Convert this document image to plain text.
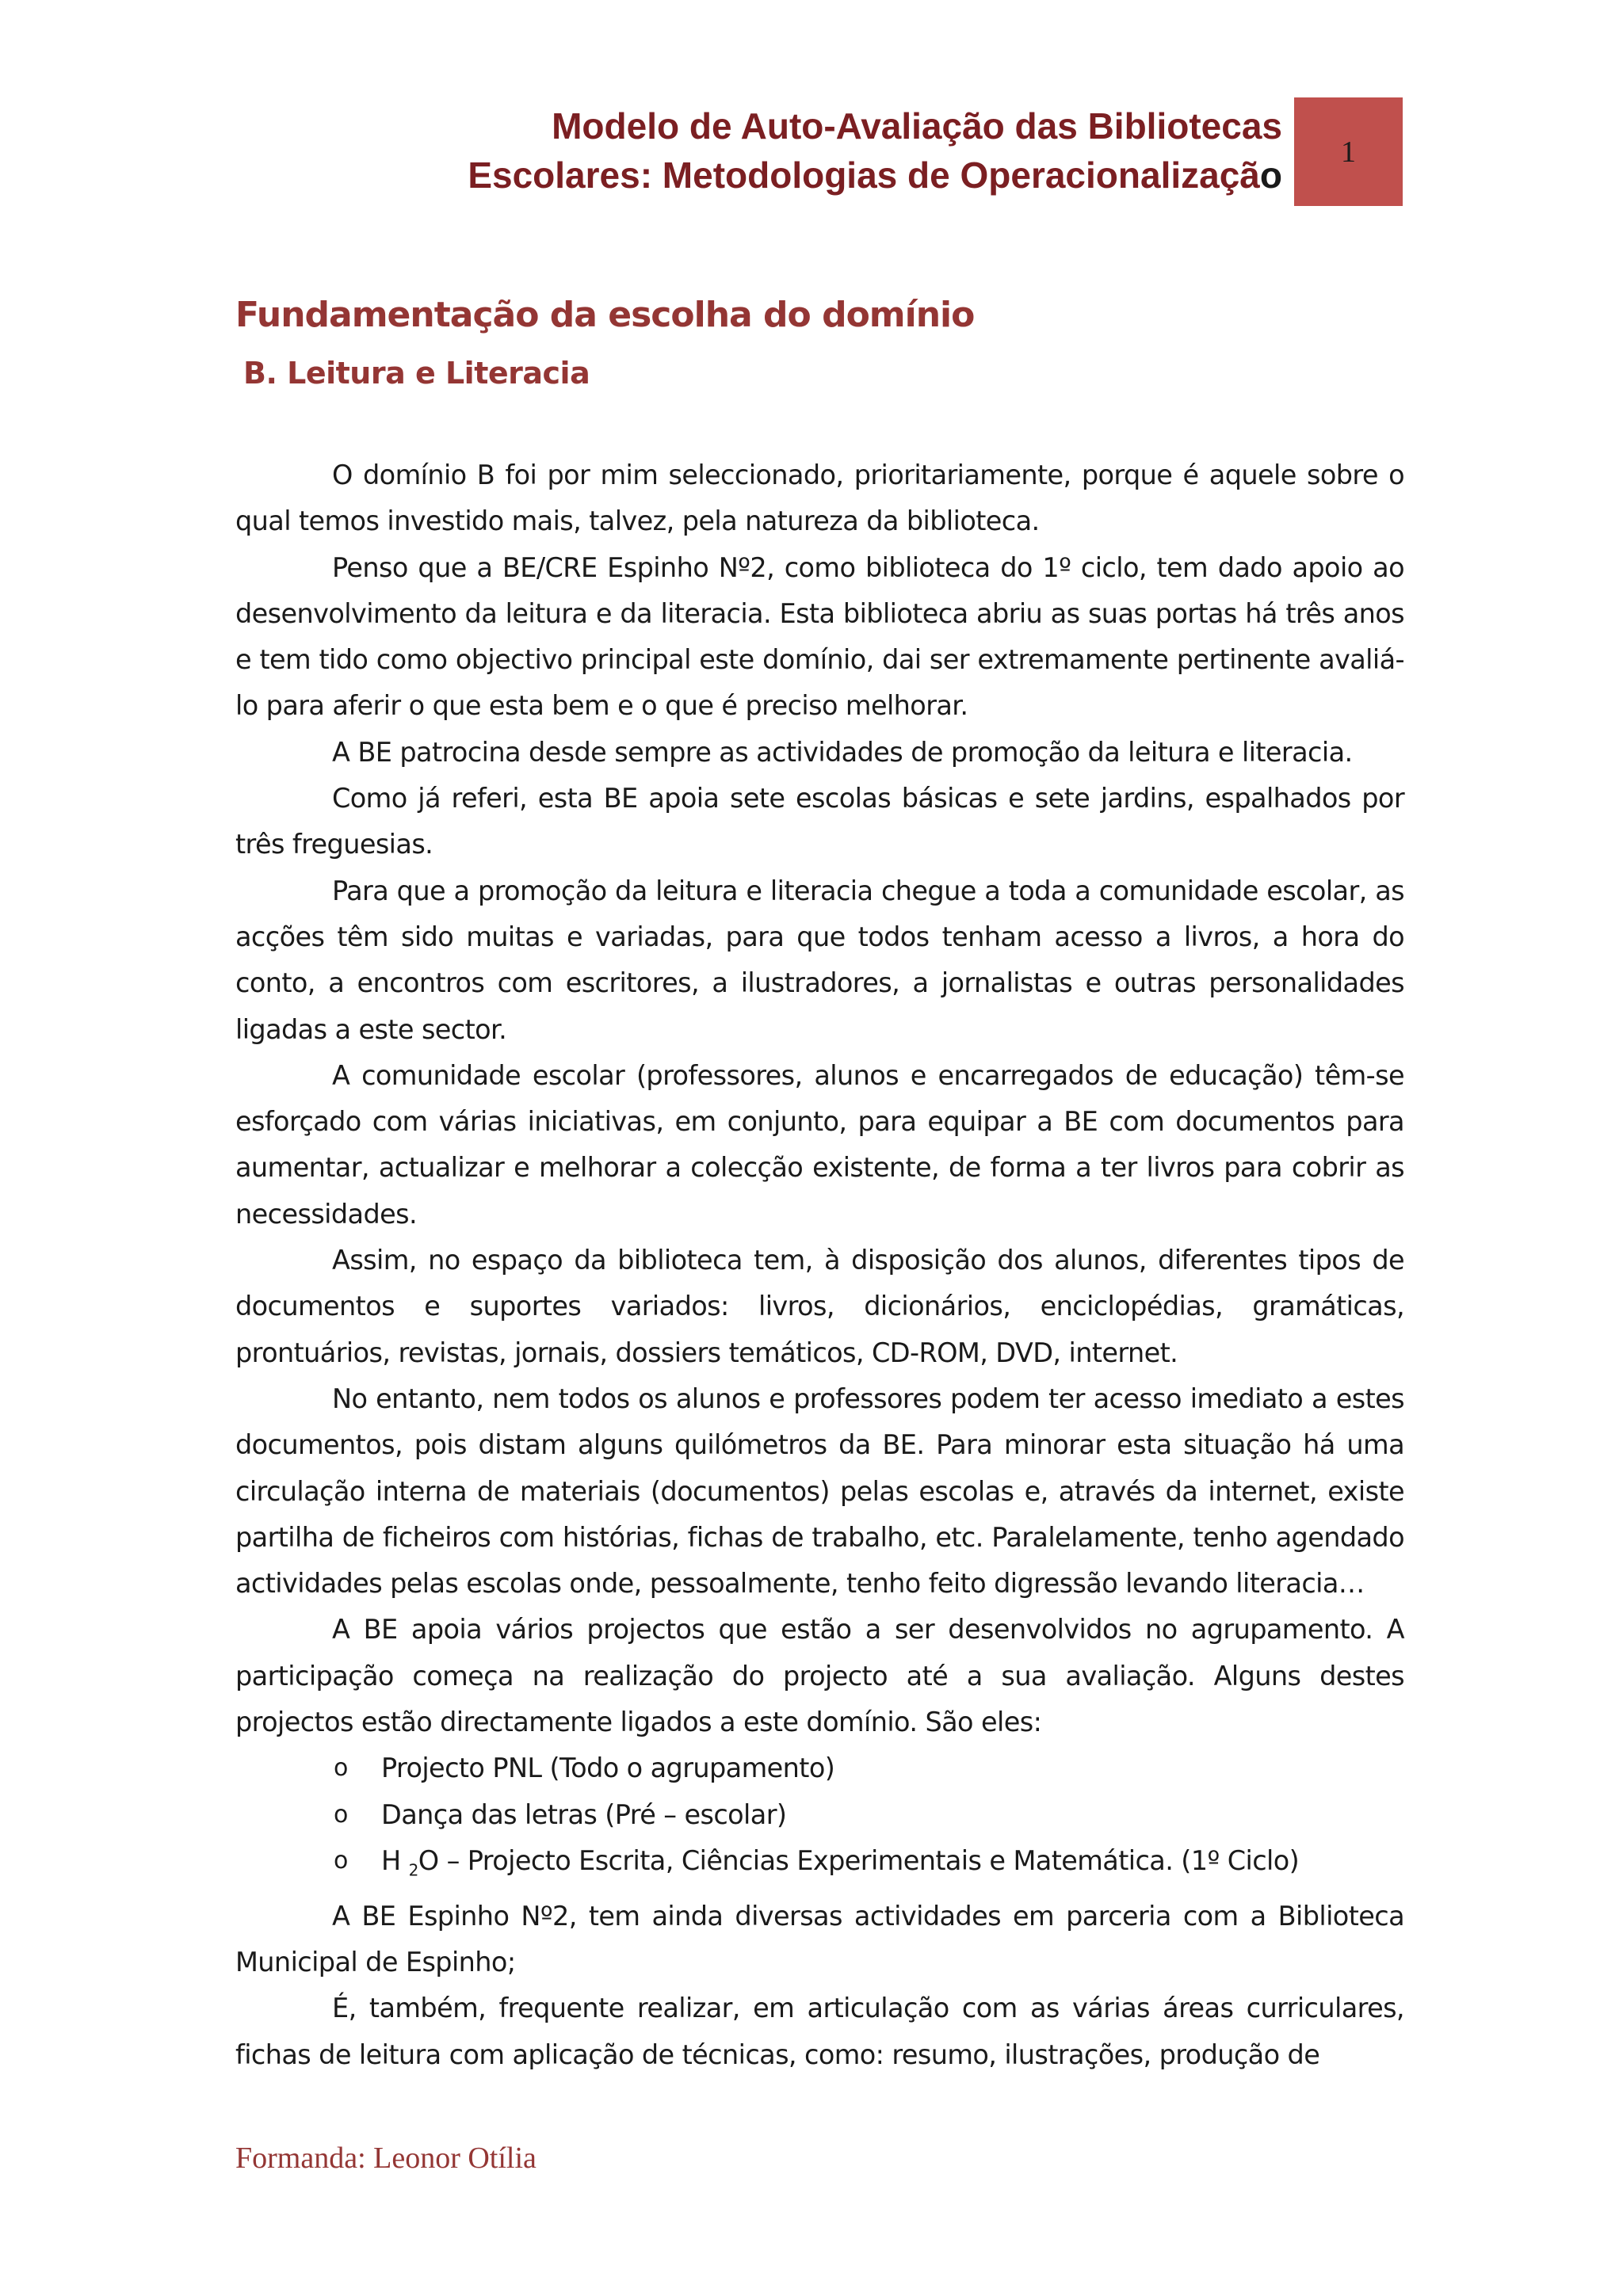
Modelo de Auto-Avaliação das Bibliotecas
Escolares: Metodologias de Operacionalização
1
Fundamentação da escolha do domínio
B. Leitura e Literacia

O domínio B foi por mim seleccionado, prioritariamente, porque é aquele sobre o qual temos investido mais, talvez, pela natureza da biblioteca.

Penso que a BE/CRE Espinho Nº2, como biblioteca do 1º ciclo, tem dado apoio ao desenvolvimento da leitura e da literacia. Esta biblioteca abriu as suas portas há três anos e tem tido como objectivo principal este domínio, dai ser extremamente pertinente avaliá-lo para aferir o que esta bem e o que é preciso melhorar.

A BE patrocina desde sempre as actividades de promoção da leitura e literacia.

Como já referi, esta BE apoia sete escolas básicas e sete jardins, espalhados por três freguesias.

Para que a promoção da leitura e literacia chegue a toda a comunidade escolar, as acções têm sido muitas e variadas, para que todos tenham acesso a livros, a hora do conto, a encontros com escritores, a ilustradores, a jornalistas e outras personalidades ligadas a este sector.

A comunidade escolar (professores, alunos e encarregados de educação) têm-se esforçado com várias iniciativas, em conjunto, para equipar a BE com documentos para aumentar, actualizar e melhorar a colecção existente, de forma a ter livros para cobrir as necessidades.

Assim, no espaço da biblioteca tem, à disposição dos alunos, diferentes tipos de documentos e suportes variados: livros, dicionários, enciclopédias, gramáticas, prontuários, revistas, jornais, dossiers temáticos, CD-ROM, DVD, internet.

No entanto, nem todos os alunos e professores podem ter acesso imediato a estes documentos, pois distam alguns quilómetros da BE. Para minorar esta situação há uma circulação interna de materiais (documentos) pelas escolas e, através da internet, existe partilha de ficheiros com histórias, fichas de trabalho, etc. Paralelamente, tenho agendado actividades pelas escolas onde, pessoalmente, tenho feito digressão levando literacia…

A BE apoia vários projectos que estão a ser desenvolvidos no agrupamento. A participação começa na realização do projecto até a sua avaliação. Alguns destes projectos estão directamente ligados a este domínio. São eles:

o	Projecto PNL (Todo o agrupamento)
o	Dança das letras (Pré – escolar)
o	H $_2$O – Projecto Escrita, Ciências Experimentais e Matemática. (1º Ciclo)

A BE Espinho Nº2, tem ainda diversas actividades em parceria com a Biblioteca Municipal de Espinho;

É, também, frequente realizar, em articulação com as várias áreas curriculares, fichas de leitura com aplicação de técnicas, como: resumo, ilustrações, produção de

Formanda: Leonor Otília
